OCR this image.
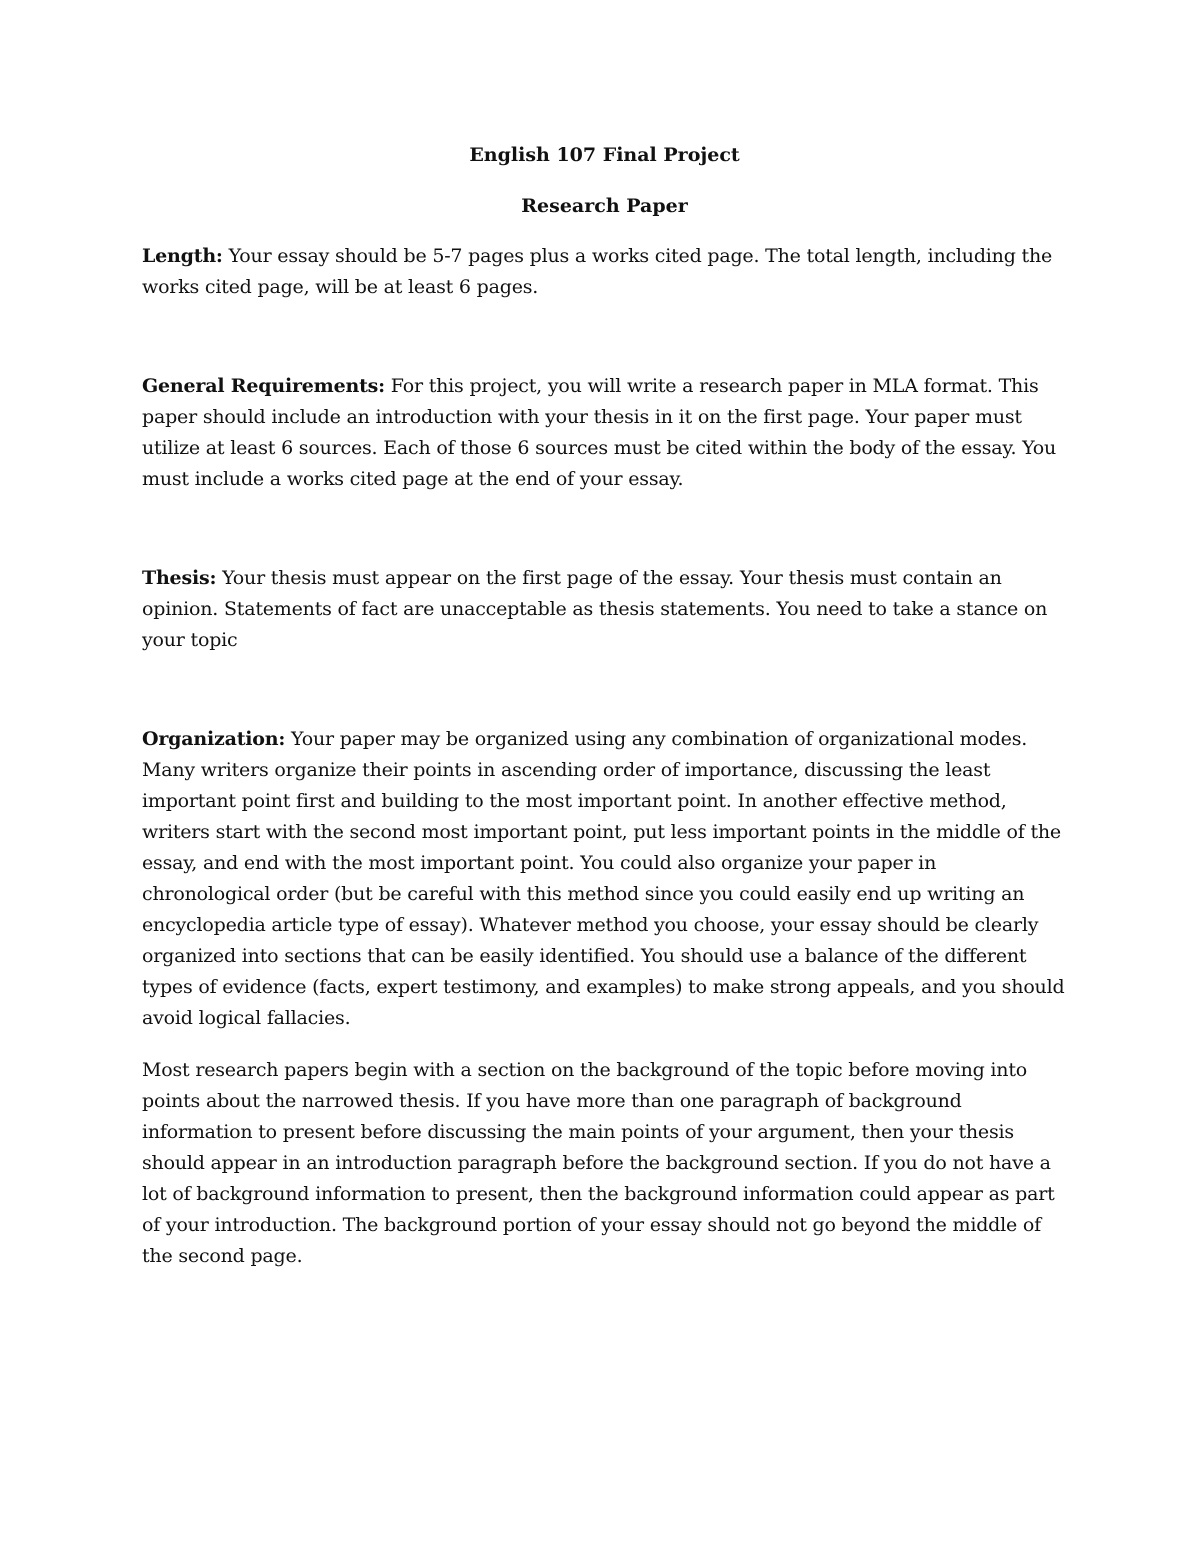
English 107 Final Project
Research Paper

Length: Your essay should be 5-7 pages plus a works cited page. The total length, including the works cited page, will be at least 6 pages.

General Requirements: For this project, you will write a research paper in MLA format. This paper should include an introduction with your thesis in it on the first page. Your paper must utilize at least 6 sources. Each of those 6 sources must be cited within the body of the essay. You must include a works cited page at the end of your essay.

Thesis: Your thesis must appear on the first page of the essay. Your thesis must contain an opinion. Statements of fact are unacceptable as thesis statements. You need to take a stance on your topic

Organization: Your paper may be organized using any combination of organizational modes. Many writers organize their points in ascending order of importance, discussing the least important point first and building to the most important point. In another effective method, writers start with the second most important point, put less important points in the middle of the essay, and end with the most important point. You could also organize your paper in chronological order (but be careful with this method since you could easily end up writing an encyclopedia article type of essay). Whatever method you choose, your essay should be clearly organized into sections that can be easily identified. You should use a balance of the different types of evidence (facts, expert testimony, and examples) to make strong appeals, and you should avoid logical fallacies.

Most research papers begin with a section on the background of the topic before moving into points about the narrowed thesis. If you have more than one paragraph of background information to present before discussing the main points of your argument, then your thesis should appear in an introduction paragraph before the background section. If you do not have a lot of background information to present, then the background information could appear as part of your introduction. The background portion of your essay should not go beyond the middle of the second page.
